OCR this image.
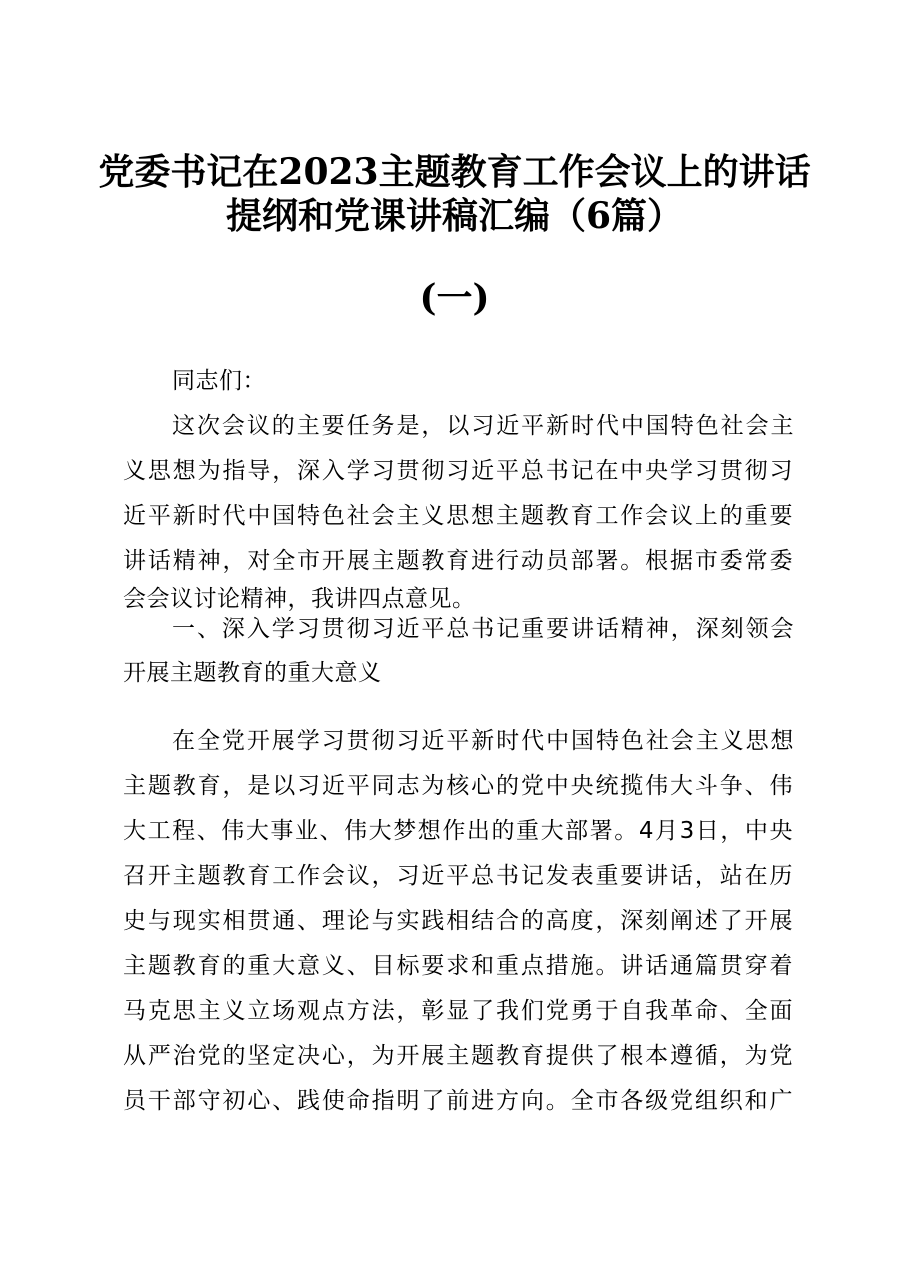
党委书记在2023主题教育工作会议上的讲话
提纲和党课讲稿汇编（6篇）
(一)
同志们：
这次会议的主要任务是，以习近平新时代中国特色社会主
义思想为指导，深入学习贯彻习近平总书记在中央学习贯彻习
近平新时代中国特色社会主义思想主题教育工作会议上的重要
讲话精神，对全市开展主题教育进行动员部署。根据市委常委
会会议讨论精神，我讲四点意见。
一、深入学习贯彻习近平总书记重要讲话精神，深刻领会
开展主题教育的重大意义
在全党开展学习贯彻习近平新时代中国特色社会主义思想
主题教育，是以习近平同志为核心的党中央统揽伟大斗争、伟
大工程、伟大事业、伟大梦想作出的重大部署。4月3日，中央
召开主题教育工作会议，习近平总书记发表重要讲话，站在历
史与现实相贯通、理论与实践相结合的高度，深刻阐述了开展
主题教育的重大意义、目标要求和重点措施。讲话通篇贯穿着
马克思主义立场观点方法，彰显了我们党勇于自我革命、全面
从严治党的坚定决心，为开展主题教育提供了根本遵循，为党
员干部守初心、践使命指明了前进方向。全市各级党组织和广
